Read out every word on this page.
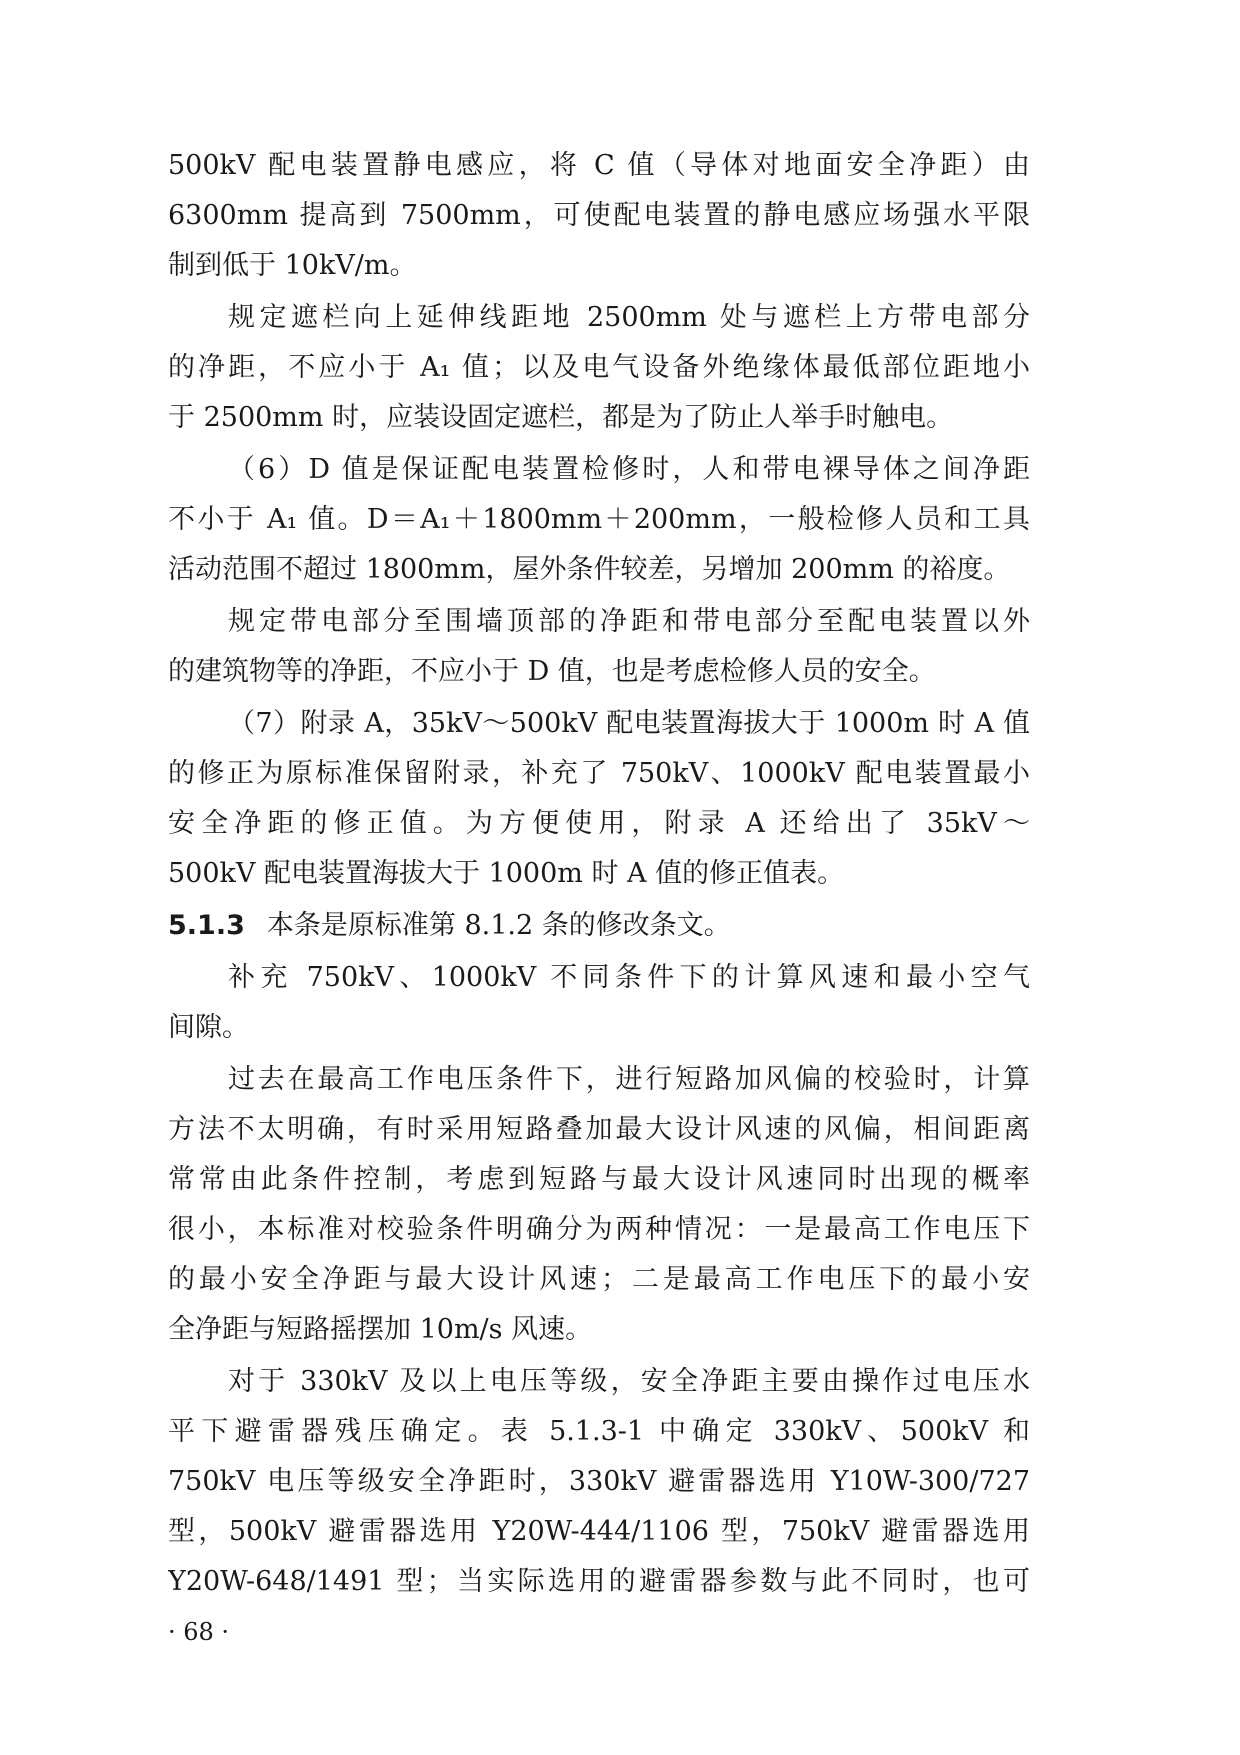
500kV 配电装置静电感应，将 C 值（导体对地面安全净距）由
6300mm 提高到 7500mm，可使配电装置的静电感应场强水平限
制到低于 10kV/m。
规定遮栏向上延伸线距地 2500mm 处与遮栏上方带电部分
的净距，不应小于 A₁ 值；以及电气设备外绝缘体最低部位距地小
于 2500mm 时，应装设固定遮栏，都是为了防止人举手时触电。
（6）D 值是保证配电装置检修时，人和带电裸导体之间净距
不小于 A₁ 值。D＝A₁＋1800mm＋200mm，一般检修人员和工具
活动范围不超过 1800mm，屋外条件较差，另增加 200mm 的裕度。
规定带电部分至围墙顶部的净距和带电部分至配电装置以外
的建筑物等的净距，不应小于 D 值，也是考虑检修人员的安全。
（7）附录 A，35kV～500kV 配电装置海拔大于 1000m 时 A 值
的修正为原标准保留附录，补充了 750kV、1000kV 配电装置最小
安全净距的修正值。为方便使用，附录 A 还给出了 35kV～
500kV 配电装置海拔大于 1000m 时 A 值的修正值表。
5.1.3 本条是原标准第 8.1.2 条的修改条文。
补充 750kV、1000kV 不同条件下的计算风速和最小空气
间隙。
过去在最高工作电压条件下，进行短路加风偏的校验时，计算
方法不太明确，有时采用短路叠加最大设计风速的风偏，相间距离
常常由此条件控制，考虑到短路与最大设计风速同时出现的概率
很小，本标准对校验条件明确分为两种情况：一是最高工作电压下
的最小安全净距与最大设计风速；二是最高工作电压下的最小安
全净距与短路摇摆加 10m/s 风速。
对于 330kV 及以上电压等级，安全净距主要由操作过电压水
平下避雷器残压确定。表 5.1.3-1 中确定 330kV、500kV 和
750kV 电压等级安全净距时，330kV 避雷器选用 Y10W-300/727
型，500kV 避雷器选用 Y20W-444/1106 型，750kV 避雷器选用
Y20W-648/1491 型；当实际选用的避雷器参数与此不同时，也可
· 68 ·
